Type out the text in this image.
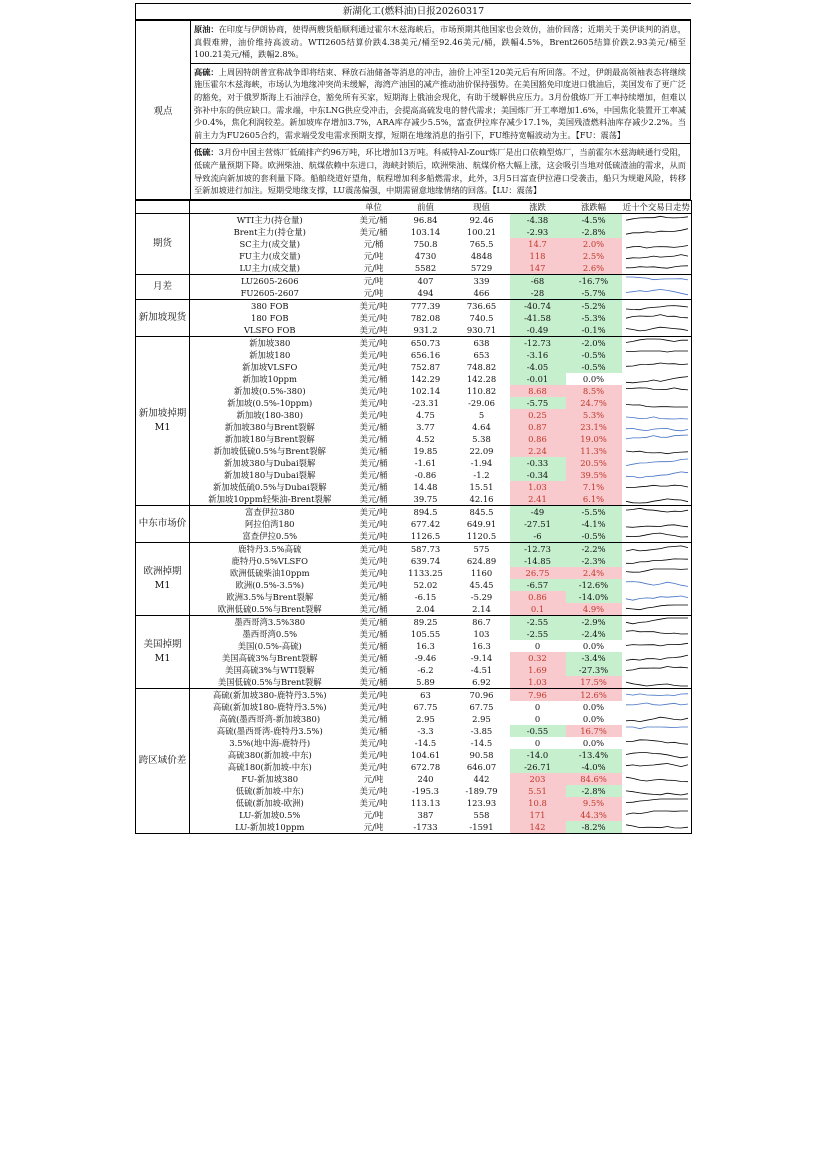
新湖化工(燃料油)日报20260317
观点	原油：在印度与伊朗协商，使得两艘货船顺利通过霍尔木兹海峡后，市场预期其他国家也会效仿，油价回落；近期关于美伊谈判的消息，真假难辨，油价维持高波动。WTI2605结算价跌4.38美元/桶至92.46美元/桶，跌幅4.5%，Brent2605结算价跌2.93美元/桶至100.21美元/桶，跌幅2.8%。
高硫：上周因特朗普宣称战争即将结束、释放石油储备等消息的冲击，油价上冲至120美元后有所回落。不过，伊朗最高领袖表态将继续施压霍尔木兹海峡，市场认为地缘冲突尚未缓解，海湾产油国的减产推动油价保持强势。在美国豁免印度进口俄油后，美国发布了更广泛的豁免，对于俄罗斯海上石油浮仓，豁免所有买家，短期海上俄油会现化，有助于缓解供应压力。3月份俄炼厂开工率持续增加，但难以弥补中东的供应缺口。需求端，中东LNG供应受冲击，会提高高硫发电的替代需求；美国炼厂开工率增加1.6%，中国焦化装置开工率减少0.4%，焦化利润较差。新加坡库存增加3.7%，ARA库存减少5.5%，富查伊拉库存减少17.1%，美国残渣燃料油库存减少2.2%。当前主力为FU2605合约，需求端受发电需求预期支撑，短期在地缘消息的指引下，FU维持宽幅波动为主。【FU：震荡】
低硫：3月份中国主营炼厂低硫排产约96万吨，环比增加13万吨。科威特Al-Zour炼厂是出口依赖型炼厂，当前霍尔木兹海峡通行受阻，低硫产量预期下降。欧洲柴油、航煤依赖中东进口，海峡封锁后，欧洲柴油、航煤价格大幅上涨，这会吸引当地对低硫渣油的需求，从而导致流向新加坡的套利量下降。船舶绕道好望角，航程增加利多船燃需求，此外，3月5日富查伊拉港口受袭击，船只为规避风险，转移至新加坡进行加注。短期受地缘支撑，LU震荡偏强，中期需留意地缘情绪的回落。【LU：震荡】
		单位	前值	现值	涨跌	涨跌幅	近十个交易日走势
期货	WTI主力(持仓量)	美元/桶	96.84	92.46	-4.38	-4.5%	

	Brent主力(持仓量)	美元/桶	103.14	100.21	-2.93	-2.8%	

	SC主力(成交量)	元/桶	750.8	765.5	14.7	2.0%	

	FU主力(成交量)	元/吨	4730	4848	118	2.5%	

	LU主力(成交量)	元/吨	5582	5729	147	2.6%	

月差	LU2605-2606	元/吨	407	339	-68	-16.7%	

	FU2605-2607	元/吨	494	466	-28	-5.7%	

新加坡现货	380 FOB	美元/吨	777.39	736.65	-40.74	-5.2%	

	180 FOB	美元/吨	782.08	740.5	-41.58	-5.3%	

	VLSFO FOB	美元/吨	931.2	930.71	-0.49	-0.1%	

新加坡掉期M1	新加坡380	美元/吨	650.73	638	-12.73	-2.0%	

	新加坡180	美元/吨	656.16	653	-3.16	-0.5%	

	新加坡VLSFO	美元/吨	752.87	748.82	-4.05	-0.5%	

	新加坡10ppm	美元/桶	142.29	142.28	-0.01	0.0%	

	新加坡(0.5%-380)	美元/吨	102.14	110.82	8.68	8.5%	

	新加坡(0.5%-10ppm)	美元/吨	-23.31	-29.06	-5.75	24.7%	

	新加坡(180-380)	美元/吨	4.75	5	0.25	5.3%	

	新加坡380与Brent裂解	美元/桶	3.77	4.64	0.87	23.1%	

	新加坡180与Brent裂解	美元/桶	4.52	5.38	0.86	19.0%	

	新加坡低硫0.5%与Brent裂解	美元/桶	19.85	22.09	2.24	11.3%	

	新加坡380与Dubai裂解	美元/桶	-1.61	-1.94	-0.33	20.5%	

	新加坡180与Dubai裂解	美元/桶	-0.86	-1.2	-0.34	39.5%	

	新加坡低硫0.5%与Dubai裂解	美元/桶	14.48	15.51	1.03	7.1%	

	新加坡10ppm轻柴油-Brent裂解	美元/桶	39.75	42.16	2.41	6.1%	

中东市场价	富查伊拉380	美元/吨	894.5	845.5	-49	-5.5%	

	阿拉伯湾180	美元/吨	677.42	649.91	-27.51	-4.1%	

	富查伊拉0.5%	美元/吨	1126.5	1120.5	-6	-0.5%	

欧洲掉期M1	鹿特丹3.5%高硫	美元/吨	587.73	575	-12.73	-2.2%	

	鹿特丹0.5%VLSFO	美元/吨	639.74	624.89	-14.85	-2.3%	

	欧洲低硫柴油10ppm	美元/吨	1133.25	1160	26.75	2.4%	

	欧洲(0.5%-3.5%)	美元/吨	52.02	45.45	-6.57	-12.6%	

	欧洲3.5%与Brent裂解	美元/桶	-6.15	-5.29	0.86	-14.0%	

	欧洲低硫0.5%与Brent裂解	美元/桶	2.04	2.14	0.1	4.9%	

美国掉期M1	墨西哥湾3.5%380	美元/桶	89.25	86.7	-2.55	-2.9%	

	墨西哥湾0.5%	美元/桶	105.55	103	-2.55	-2.4%	

	美国(0.5%-高硫)	美元/桶	16.3	16.3	0	0.0%	

	美国高硫3%与Brent裂解	美元/桶	-9.46	-9.14	0.32	-3.4%	

	美国高硫3%与WTI裂解	美元/桶	-6.2	-4.51	1.69	-27.3%	

	美国低硫0.5%与Brent裂解	美元/桶	5.89	6.92	1.03	17.5%	

跨区域价差	高硫(新加坡380-鹿特丹3.5%)	美元/吨	63	70.96	7.96	12.6%	

	高硫(新加坡180-鹿特丹3.5%)	美元/吨	67.75	67.75	0	0.0%	

	高硫(墨西哥湾-新加坡380)	美元/桶	2.95	2.95	0	0.0%	

	高硫(墨西哥湾-鹿特丹3.5%)	美元/桶	-3.3	-3.85	-0.55	16.7%	

	3.5%(地中海-鹿特丹)	美元/吨	-14.5	-14.5	0	0.0%	

	高硫380(新加坡-中东)	美元/吨	104.61	90.58	-14.0	-13.4%	

	高硫180(新加坡-中东)	美元/吨	672.78	646.07	-26.71	-4.0%	

	FU-新加坡380	元/吨	240	442	203	84.6%	

	低硫(新加坡-中东)	美元/吨	-195.3	-189.79	5.51	-2.8%	

	低硫(新加坡-欧洲)	美元/吨	113.13	123.93	10.8	9.5%	

	LU-新加坡0.5%	元/吨	387	558	171	44.3%	

	LU-新加坡10ppm	元/吨	-1733	-1591	142	-8.2%	
